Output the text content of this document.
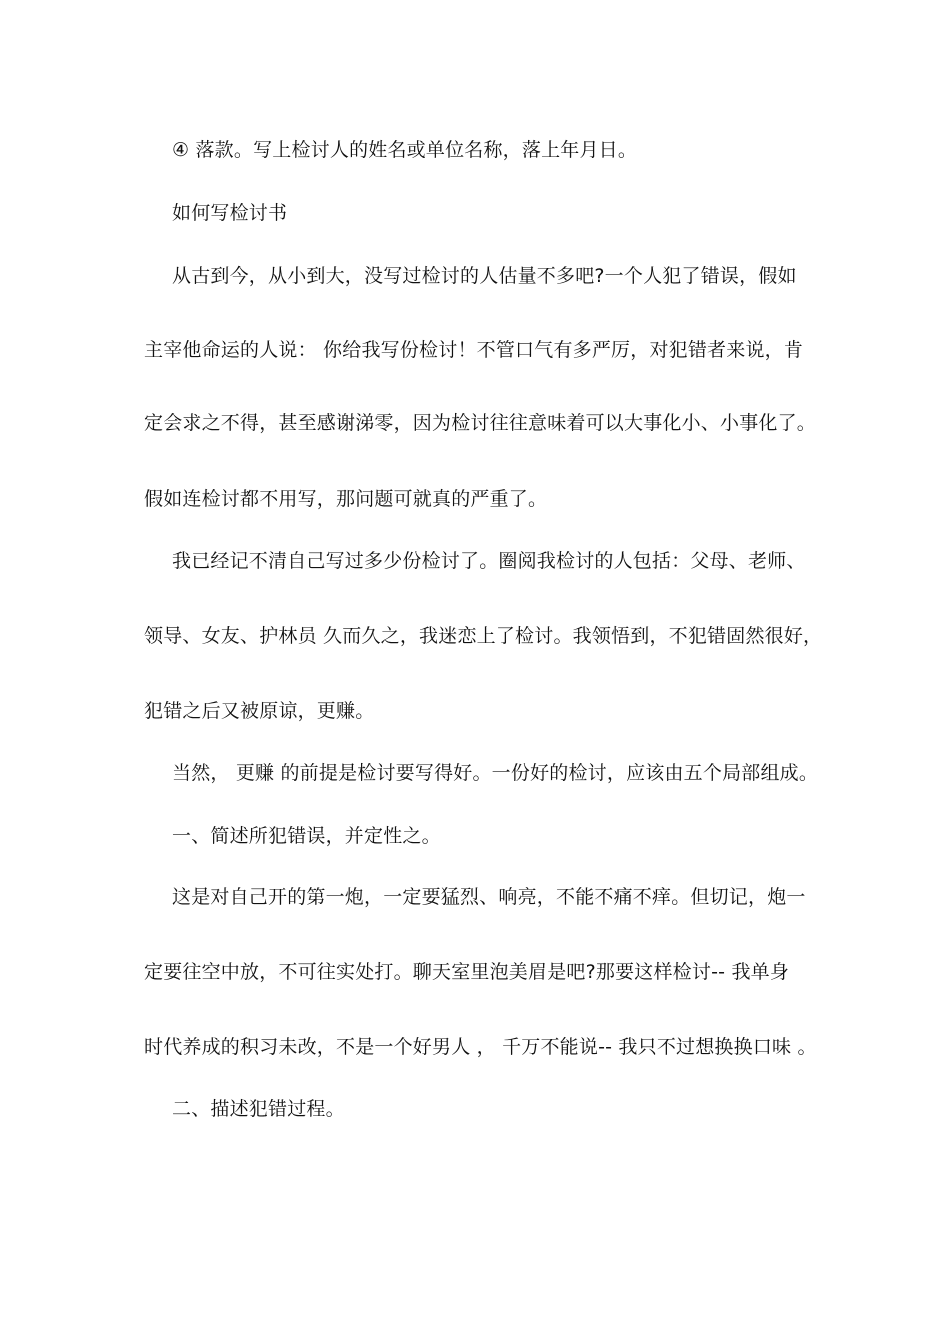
④ 落款。写上检讨人的姓名或单位名称，落上年月日。
如何写检讨书
从古到今，从小到大，没写过检讨的人估量不多吧?一个人犯了错误，假如
主宰他命运的人说： 你给我写份检讨！不管口气有多严厉，对犯错者来说，肯
定会求之不得，甚至感谢涕零，因为检讨往往意味着可以大事化小、小事化了。
假如连检讨都不用写，那问题可就真的严重了。
我已经记不清自己写过多少份检讨了。圈阅我检讨的人包括：父母、老师、
领导、女友、护林员 久而久之，我迷恋上了检讨。我领悟到，不犯错固然很好，
犯错之后又被原谅，更赚。
当然， 更赚 的前提是检讨要写得好。一份好的检讨，应该由五个局部组成。
一、简述所犯错误，并定性之。
这是对自己开的第一炮，一定要猛烈、响亮，不能不痛不痒。但切记，炮一
定要往空中放，不可往实处打。聊天室里泡美眉是吧?那要这样检讨-- 我单身
时代养成的积习未改，不是一个好男人 ， 千万不能说-- 我只不过想换换口味 。
二、描述犯错过程。
